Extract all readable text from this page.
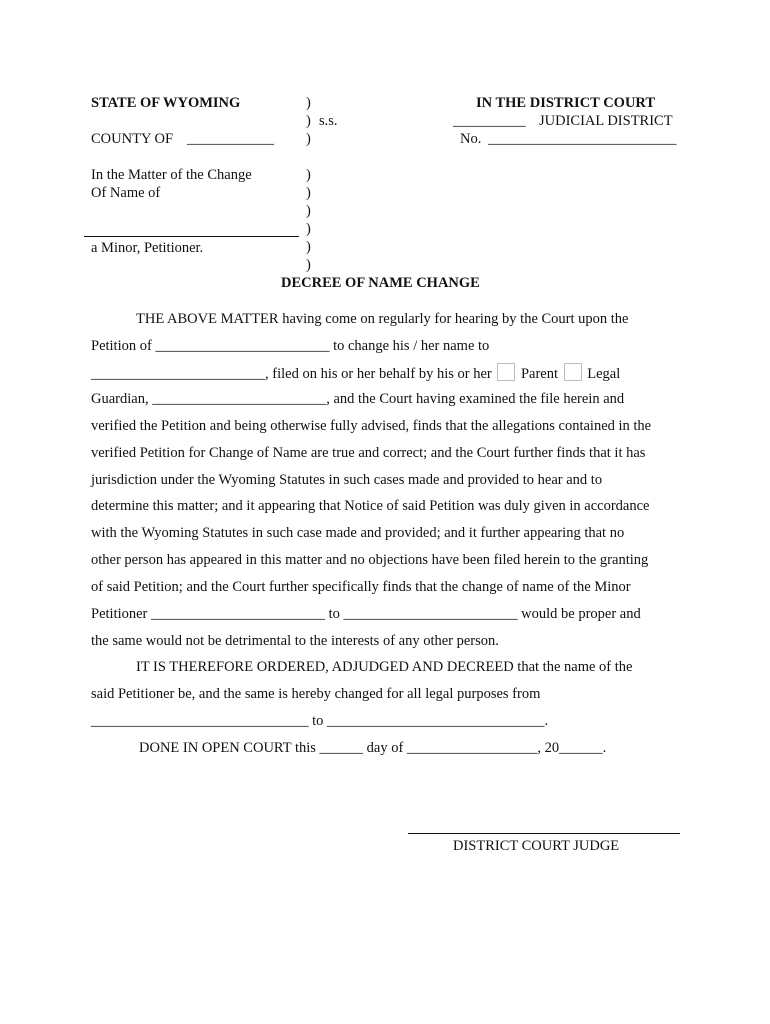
STATE OF WYOMING
COUNTY OF ____________
In the Matter of the Change
Of Name of
a Minor, Petitioner.
)
) s.s.
)
)
)
)
)
)
)
IN THE DISTRICT COURT
__________ JUDICIAL DISTRICT
No. __________________________
DECREE OF NAME CHANGE
THE ABOVE MATTER having come on regularly for hearing by the Court upon the
Petition of ________________________ to change his / her name to
________________________, filed on his or her behalf by his or her Parent Legal
Guardian, ________________________, and the Court having examined the file herein and
verified the Petition and being otherwise fully advised, finds that the allegations contained in the
verified Petition for Change of Name are true and correct; and the Court further finds that it has
jurisdiction under the Wyoming Statutes in such cases made and provided to hear and to
determine this matter; and it appearing that Notice of said Petition was duly given in accordance
with the Wyoming Statutes in such case made and provided; and it further appearing that no
other person has appeared in this matter and no objections have been filed herein to the granting
of said Petition; and the Court further specifically finds that the change of name of the Minor
Petitioner ________________________ to ________________________ would be proper and
the same would not be detrimental to the interests of any other person.
IT IS THEREFORE ORDERED, ADJUDGED AND DECREED that the name of the
said Petitioner be, and the same is hereby changed for all legal purposes from
______________________________ to ______________________________.
DONE IN OPEN COURT this ______ day of __________________, 20______.
DISTRICT COURT JUDGE
